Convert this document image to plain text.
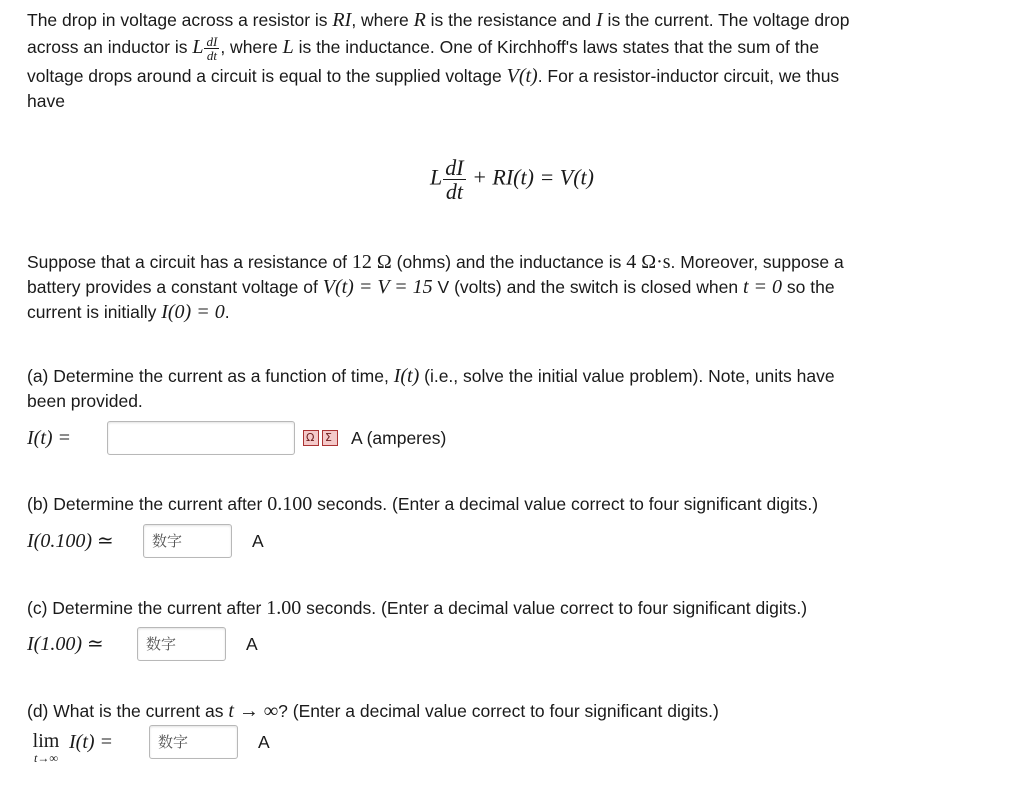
The drop in voltage across a resistor is RI, where R is the resistance and I is the current. The voltage drop
across an inductor is L $\frac{dI}{dt}$ , where L is the inductance. One of Kirchhoff's laws states that the sum of the
voltage drops around a circuit is equal to the supplied voltage V(t). For a resistor-inductor circuit, we thus
have
L $\frac{dI}{dt} + RI(t) = V(t)$
Suppose that a circuit has a resistance of 12 Ω (ohms) and the inductance is 4 Ω·s. Moreover, suppose a
battery provides a constant voltage of V(t) = V = 15 V (volts) and the switch is closed when t = 0 so the
current is initially I(0) = 0.
(a) Determine the current as a function of time, I(t) (i.e., solve the initial value problem). Note, units have
been provided.
I(t) =	Ω Σ A (amperes)
(b) Determine the current after 0.100 seconds. (Enter a decimal value correct to four significant digits.)
I(0.100) ≃	数字	A
(c) Determine the current after 1.00 seconds. (Enter a decimal value correct to four significant digits.)
I(1.00) ≃	数字	A
(d) What is the current as t → ∞? (Enter a decimal value correct to four significant digits.)
lim
t→∞
I(t) =	数字	A
